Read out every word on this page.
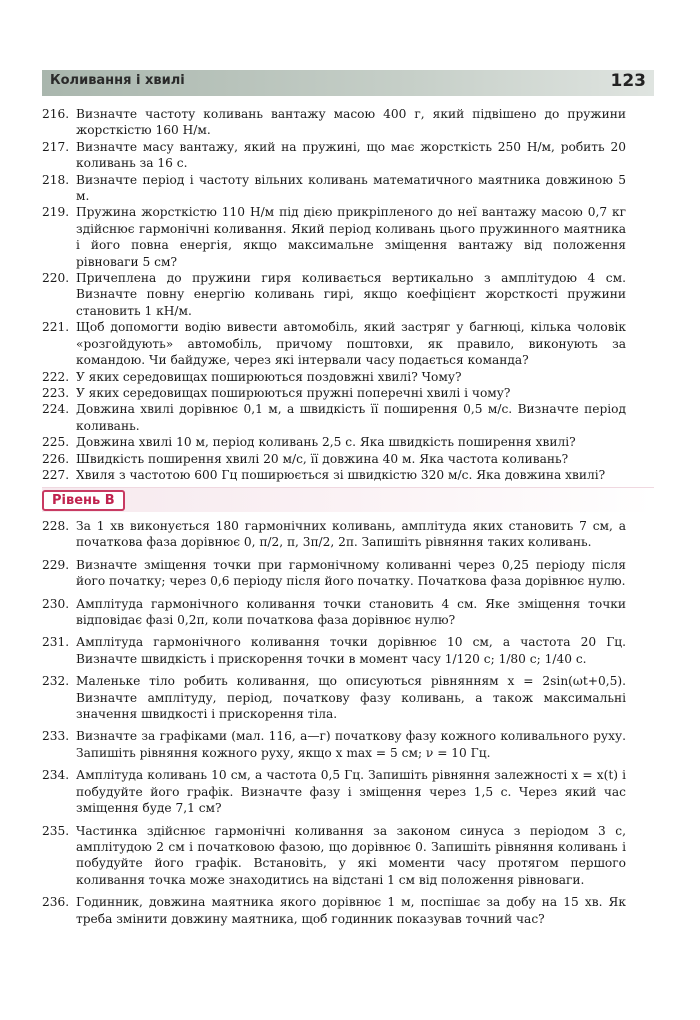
Коливання і хвилі	123
216. Визначте частоту коливань вантажу масою 400 г, який підвішено до пружини жорсткістю 160 Н/м.
217. Визначте масу вантажу, який на пружині, що має жорсткість 250 Н/м, робить 20 коливань за 16 с.
218. Визначте період і частоту вільних коливань математичного маятника довжиною 5 м.
219. Пружина жорсткістю 110 Н/м під дією прикріпленого до неї вантажу масою 0,7 кг здійснює гармонічні коливання. Який період коливань цього пружинного маятника і його повна енергія, якщо максимальне зміщення вантажу від положення рівноваги 5 см?
220. Причеплена до пружини гиря коливається вертикально з амплітудою 4 см. Визначте повну енергію коливань гирі, якщо коефіцієнт жорсткості пружини становить 1 кН/м.
221. Щоб допомогти водію вивести автомобіль, який застряг у багнюці, кілька чоловік «розгойдують» автомобіль, причому поштовхи, як правило, виконують за командою. Чи байдуже, через які інтервали часу подається команда?
222. У яких середовищах поширюються поздовжні хвилі? Чому?
223. У яких середовищах поширюються пружні поперечні хвилі і чому?
224. Довжина хвилі дорівнює 0,1 м, а швидкість її поширення 0,5 м/с. Визначте період коливань.
225. Довжина хвилі 10 м, період коливань 2,5 с. Яка швидкість поширення хвилі?
226. Швидкість поширення хвилі 20 м/с, її довжина 40 м. Яка частота коливань?
227. Хвиля з частотою 600 Гц поширюється зі швидкістю 320 м/с. Яка довжина хвилі?
Рівень В
228. За 1 хв виконується 180 гармонічних коливань, амплітуда яких становить 7 см, а початкова фаза дорівнює 0, π/2, π, 3π/2, 2π. Запишіть рівняння таких коливань.
229. Визначте зміщення точки при гармонічному коливанні через 0,25 періоду після його початку; через 0,6 періоду після його початку. Початкова фаза дорівнює нулю.
230. Амплітуда гармонічного коливання точки становить 4 см. Яке зміщення точки відповідає фазі 0,2π, коли початкова фаза дорівнює нулю?
231. Амплітуда гармонічного коливання точки дорівнює 10 см, а частота 20 Гц. Визначте швидкість і прискорення точки в момент часу 1/120 с; 1/80 с; 1/40 с.
232. Маленьке тіло робить коливання, що описуються рівнянням x = 2sin(ωt+0,5). Визначте амплітуду, період, початкову фазу коливань, а також максимальні значення швидкості і прискорення тіла.
233. Визначте за графіками (мал. 116, а—г) початкову фазу кожного коливального руху. Запишіть рівняння кожного руху, якщо x max = 5 см; ν = 10 Гц.
234. Амплітуда коливань 10 см, а частота 0,5 Гц. Запишіть рівняння залежності x = x(t) і побудуйте його графік. Визначте фазу і зміщення через 1,5 с. Через який час зміщення буде 7,1 см?
235. Частинка здійснює гармонічні коливання за законом синуса з періодом 3 с, амплітудою 2 см і початковою фазою, що дорівнює 0. Запишіть рівняння коливань і побудуйте його графік. Встановіть, у які моменти часу протягом першого коливання точка може знаходитись на відстані 1 см від положення рівноваги.
236. Годинник, довжина маятника якого дорівнює 1 м, поспішає за добу на 15 хв. Як треба змінити довжину маятника, щоб годинник показував точний час?
